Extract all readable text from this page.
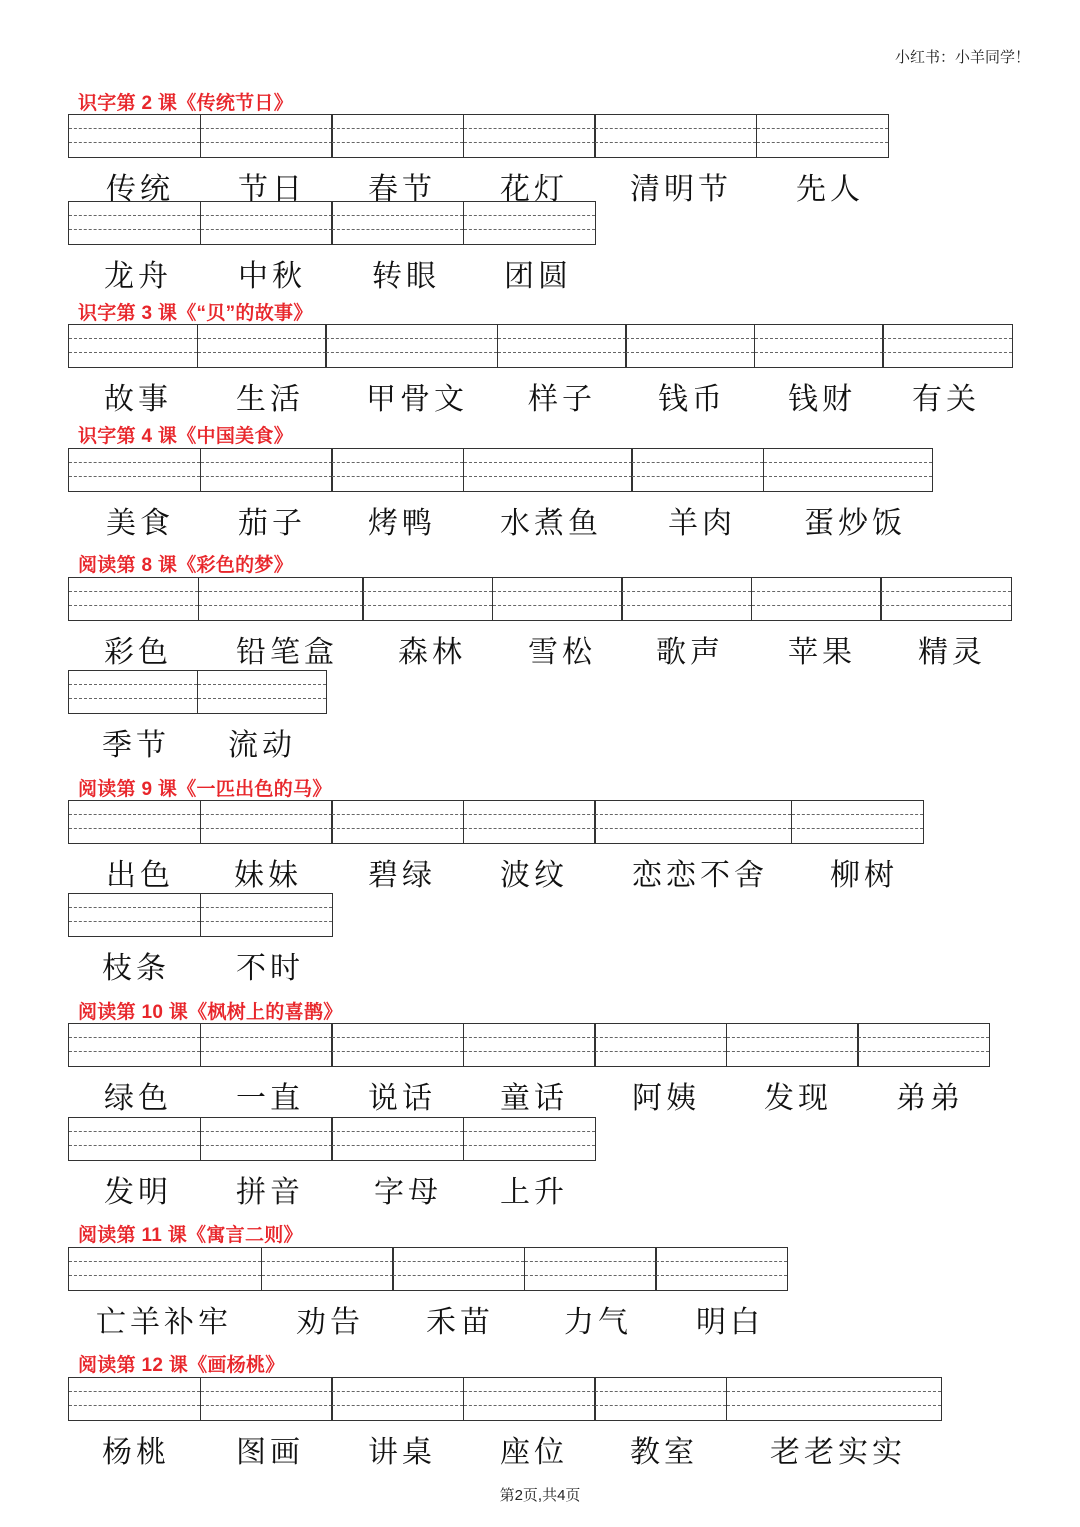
小红书：小羊同学！
识字第 2 课《传统节日》
传统 节日 春节 花灯 清明节 先人
龙舟 中秋 转眼 团圆
识字第 3 课《“贝”的故事》
故事 生活 甲骨文 样子 钱币 钱财 有关
识字第 4 课《中国美食》
美食 茄子 烤鸭 水煮鱼 羊肉 蛋炒饭
阅读第 8 课《彩色的梦》
彩色 铅笔盒 森林 雪松 歌声 苹果 精灵
季节 流动
阅读第 9 课《一匹出色的马》
出色 妹妹 碧绿 波纹 恋恋不舍 柳树
枝条 不时
阅读第 10 课《枫树上的喜鹊》
绿色 一直 说话 童话 阿姨 发现 弟弟
发明 拼音 字母 上升
阅读第 11 课《寓言二则》
亡羊补牢 劝告 禾苗 力气 明白
阅读第 12 课《画杨桃》
杨桃 图画 讲桌 座位 教室 老老实实
第2页,共4页
